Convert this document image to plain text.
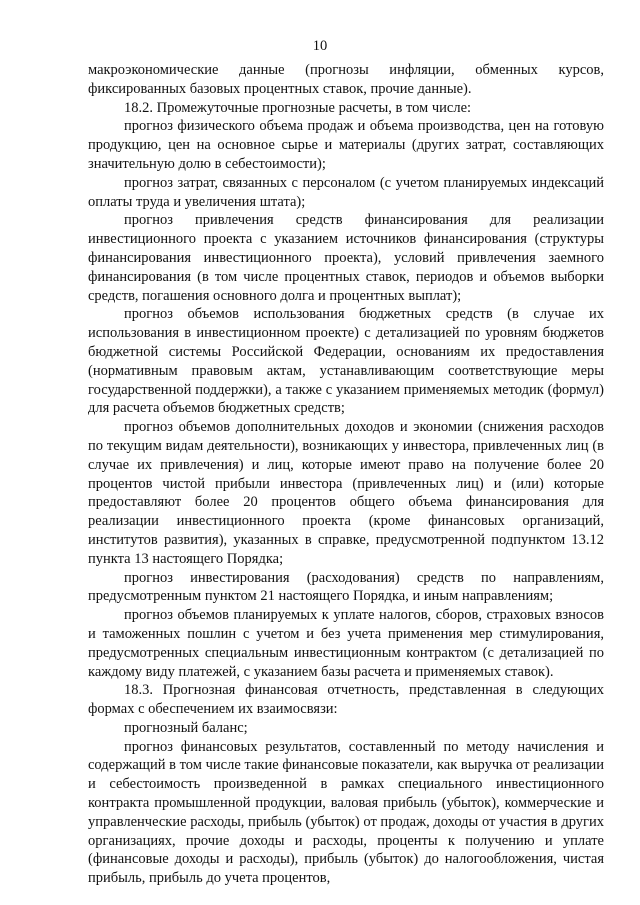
10

макроэкономические данные (прогнозы инфляции, обменных курсов, фиксированных базовых процентных ставок, прочие данные).

18.2. Промежуточные прогнозные расчеты, в том числе:

прогноз физического объема продаж и объема производства, цен на готовую продукцию, цен на основное сырье и материалы (других затрат, составляющих значительную долю в себестоимости);

прогноз затрат, связанных с персоналом (с учетом планируемых индексаций оплаты труда и увеличения штата);

прогноз привлечения средств финансирования для реализации инвестиционного проекта с указанием источников финансирования (структуры финансирования инвестиционного проекта), условий привлечения заемного финансирования (в том числе процентных ставок, периодов и объемов выборки средств, погашения основного долга и процентных выплат);

прогноз объемов использования бюджетных средств (в случае их использования в инвестиционном проекте) с детализацией по уровням бюджетов бюджетной системы Российской Федерации, основаниям их предоставления (нормативным правовым актам, устанавливающим соответствующие меры государственной поддержки), а также с указанием применяемых методик (формул) для расчета объемов бюджетных средств;

прогноз объемов дополнительных доходов и экономии (снижения расходов по текущим видам деятельности), возникающих у инвестора, привлеченных лиц (в случае их привлечения) и лиц, которые имеют право на получение более 20 процентов чистой прибыли инвестора (привлеченных лиц) и (или) которые предоставляют более 20 процентов общего объема финансирования для реализации инвестиционного проекта (кроме финансовых организаций, институтов развития), указанных в справке, предусмотренной подпунктом 13.12 пункта 13 настоящего Порядка;

прогноз инвестирования (расходования) средств по направлениям, предусмотренным пунктом 21 настоящего Порядка, и иным направлениям;

прогноз объемов планируемых к уплате налогов, сборов, страховых взносов и таможенных пошлин с учетом и без учета применения мер стимулирования, предусмотренных специальным инвестиционным контрактом (с детализацией по каждому виду платежей, с указанием базы расчета и применяемых ставок).

18.3. Прогнозная финансовая отчетность, представленная в следующих формах с обеспечением их взаимосвязи:

прогнозный баланс;

прогноз финансовых результатов, составленный по методу начисления и содержащий в том числе такие финансовые показатели, как выручка от реализации и себестоимость произведенной в рамках специального инвестиционного контракта промышленной продукции, валовая прибыль (убыток), коммерческие и управленческие расходы, прибыль (убыток) от продаж, доходы от участия в других организациях, прочие доходы и расходы, проценты к получению и уплате (финансовые доходы и расходы), прибыль (убыток) до налогообложения, чистая прибыль, прибыль до учета процентов,
